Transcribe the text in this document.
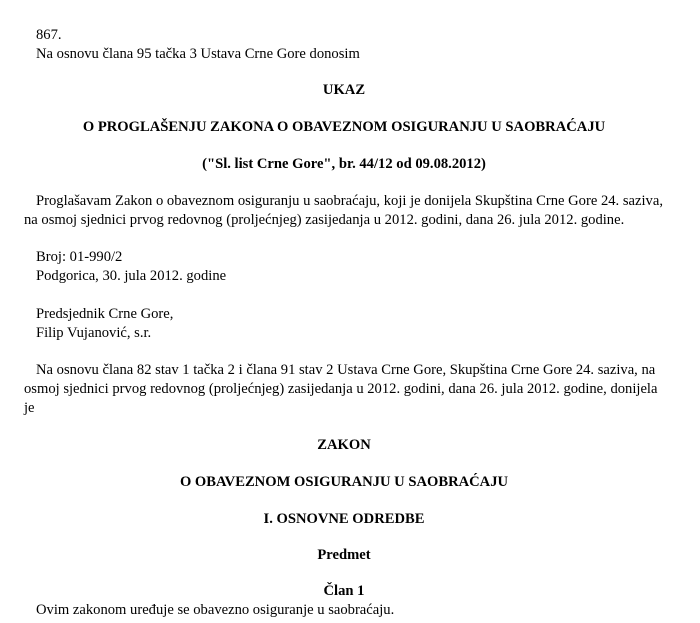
867.

Na osnovu člana 95 tačka 3 Ustava Crne Gore donosim

UKAZ

O PROGLAŠENJU ZAKONA O OBAVEZNOM OSIGURANJU U SAOBRAĆAJU

("Sl. list Crne Gore", br. 44/12 od 09.08.2012)

Proglašavam Zakon o obaveznom osiguranju u saobraćaju, koji je donijela Skupština Crne Gore 24. saziva, na osmoj sjednici prvog redovnog (proljećnjeg) zasijedanja u 2012. godini, dana 26. jula 2012. godine.

Broj: 01-990/2

Podgorica, 30. jula 2012. godine

Predsjednik Crne Gore,

Filip Vujanović, s.r.

Na osnovu člana 82 stav 1 tačka 2 i člana 91 stav 2 Ustava Crne Gore, Skupština Crne Gore 24. saziva, na osmoj sjednici prvog redovnog (proljećnjeg) zasijedanja u 2012. godini, dana 26. jula 2012. godine, donijela je

ZAKON

O OBAVEZNOM OSIGURANJU U SAOBRAĆAJU

I. OSNOVNE ODREDBE

Predmet

Član 1

Ovim zakonom uređuje se obavezno osiguranje u saobraćaju.
